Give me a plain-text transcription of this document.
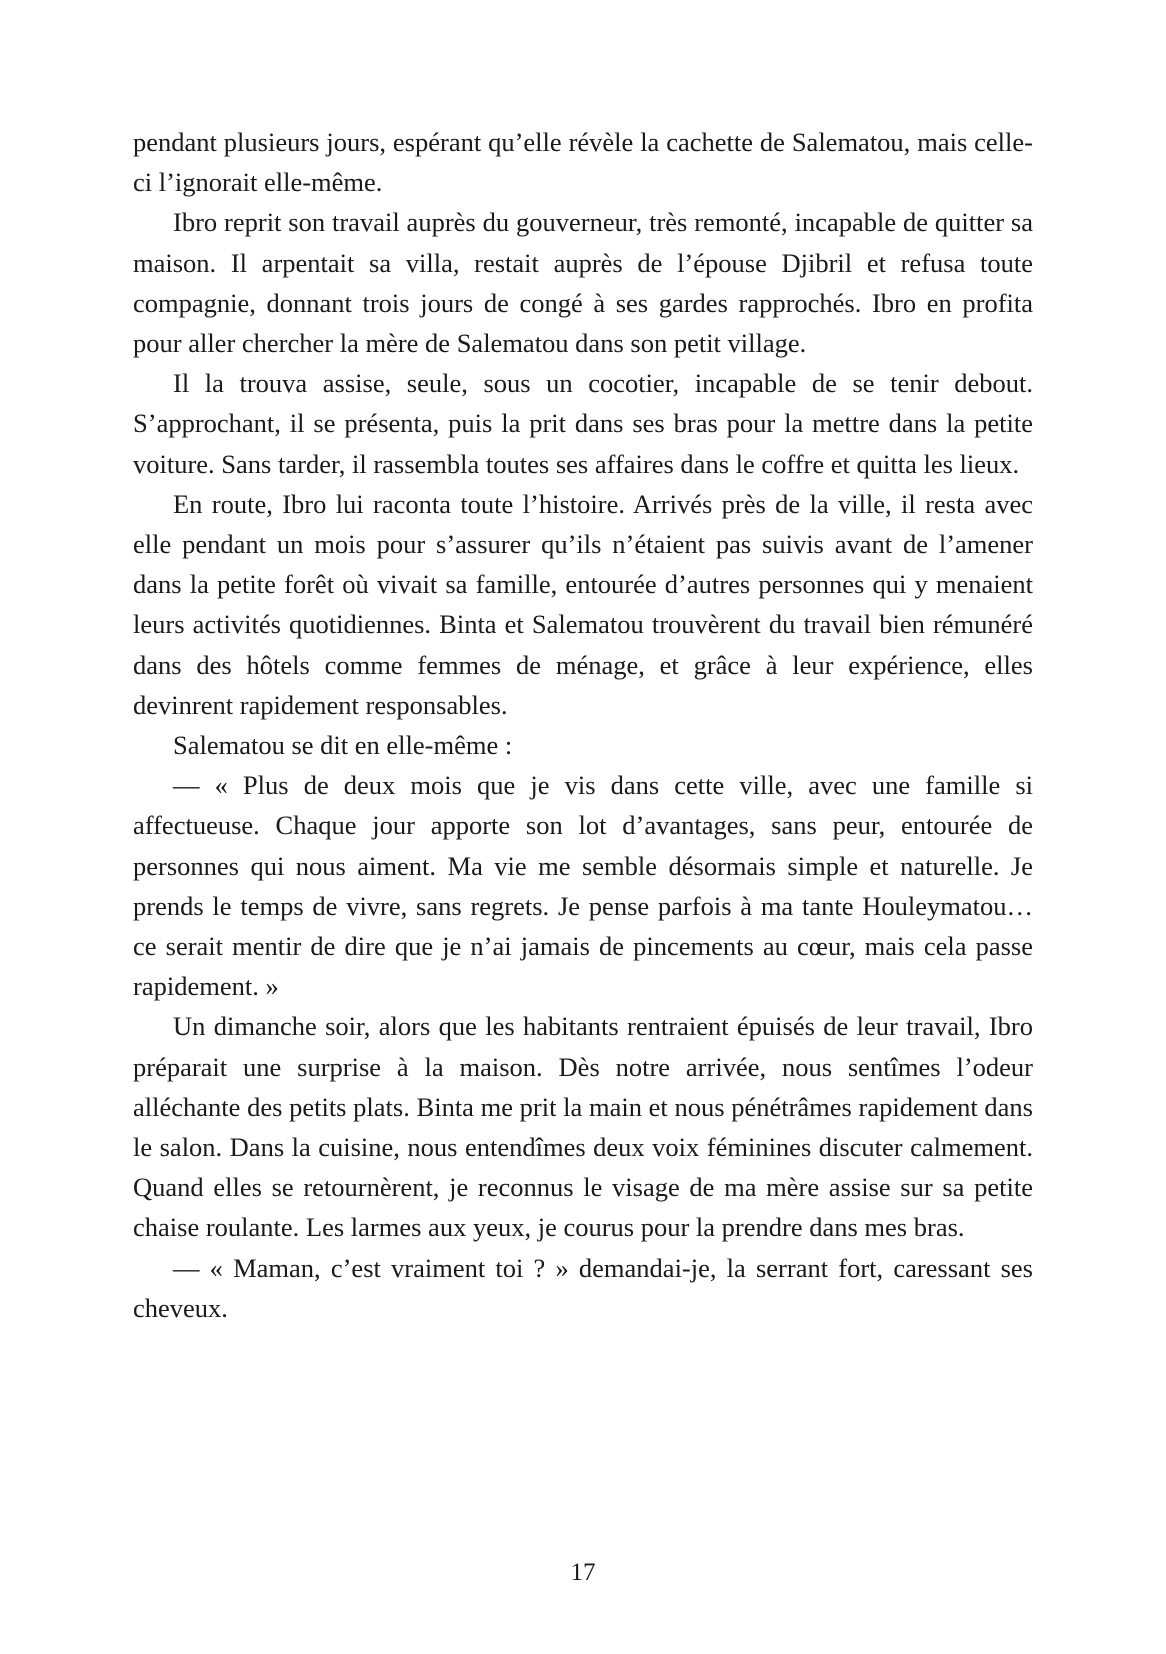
pendant plusieurs jours, espérant qu’elle révèle la cachette de Salematou, mais celle-ci l’ignorait elle-même.

Ibro reprit son travail auprès du gouverneur, très remonté, incapable de quitter sa maison. Il arpentait sa villa, restait auprès de l’épouse Djibril et refusa toute compagnie, donnant trois jours de congé à ses gardes rapprochés. Ibro en profita pour aller chercher la mère de Salematou dans son petit village.

Il la trouva assise, seule, sous un cocotier, incapable de se tenir debout. S’approchant, il se présenta, puis la prit dans ses bras pour la mettre dans la petite voiture. Sans tarder, il rassembla toutes ses affaires dans le coffre et quitta les lieux.

En route, Ibro lui raconta toute l’histoire. Arrivés près de la ville, il resta avec elle pendant un mois pour s’assurer qu’ils n’étaient pas suivis avant de l’amener dans la petite forêt où vivait sa famille, entourée d’autres personnes qui y menaient leurs activités quotidiennes. Binta et Salematou trouvèrent du travail bien rémunéré dans des hôtels comme femmes de ménage, et grâce à leur expérience, elles devinrent rapidement responsables.

Salematou se dit en elle-même :

— « Plus de deux mois que je vis dans cette ville, avec une famille si affectueuse. Chaque jour apporte son lot d’avantages, sans peur, entourée de personnes qui nous aiment. Ma vie me semble désormais simple et naturelle. Je prends le temps de vivre, sans regrets. Je pense parfois à ma tante Houleymatou… ce serait mentir de dire que je n’ai jamais de pincements au cœur, mais cela passe rapidement. »

Un dimanche soir, alors que les habitants rentraient épuisés de leur travail, Ibro préparait une surprise à la maison. Dès notre arrivée, nous sentîmes l’odeur alléchante des petits plats. Binta me prit la main et nous pénétrâmes rapidement dans le salon. Dans la cuisine, nous entendîmes deux voix féminines discuter calmement. Quand elles se retournèrent, je reconnus le visage de ma mère assise sur sa petite chaise roulante. Les larmes aux yeux, je courus pour la prendre dans mes bras.

— « Maman, c’est vraiment toi ? » demandai-je, la serrant fort, caressant ses cheveux.

17
